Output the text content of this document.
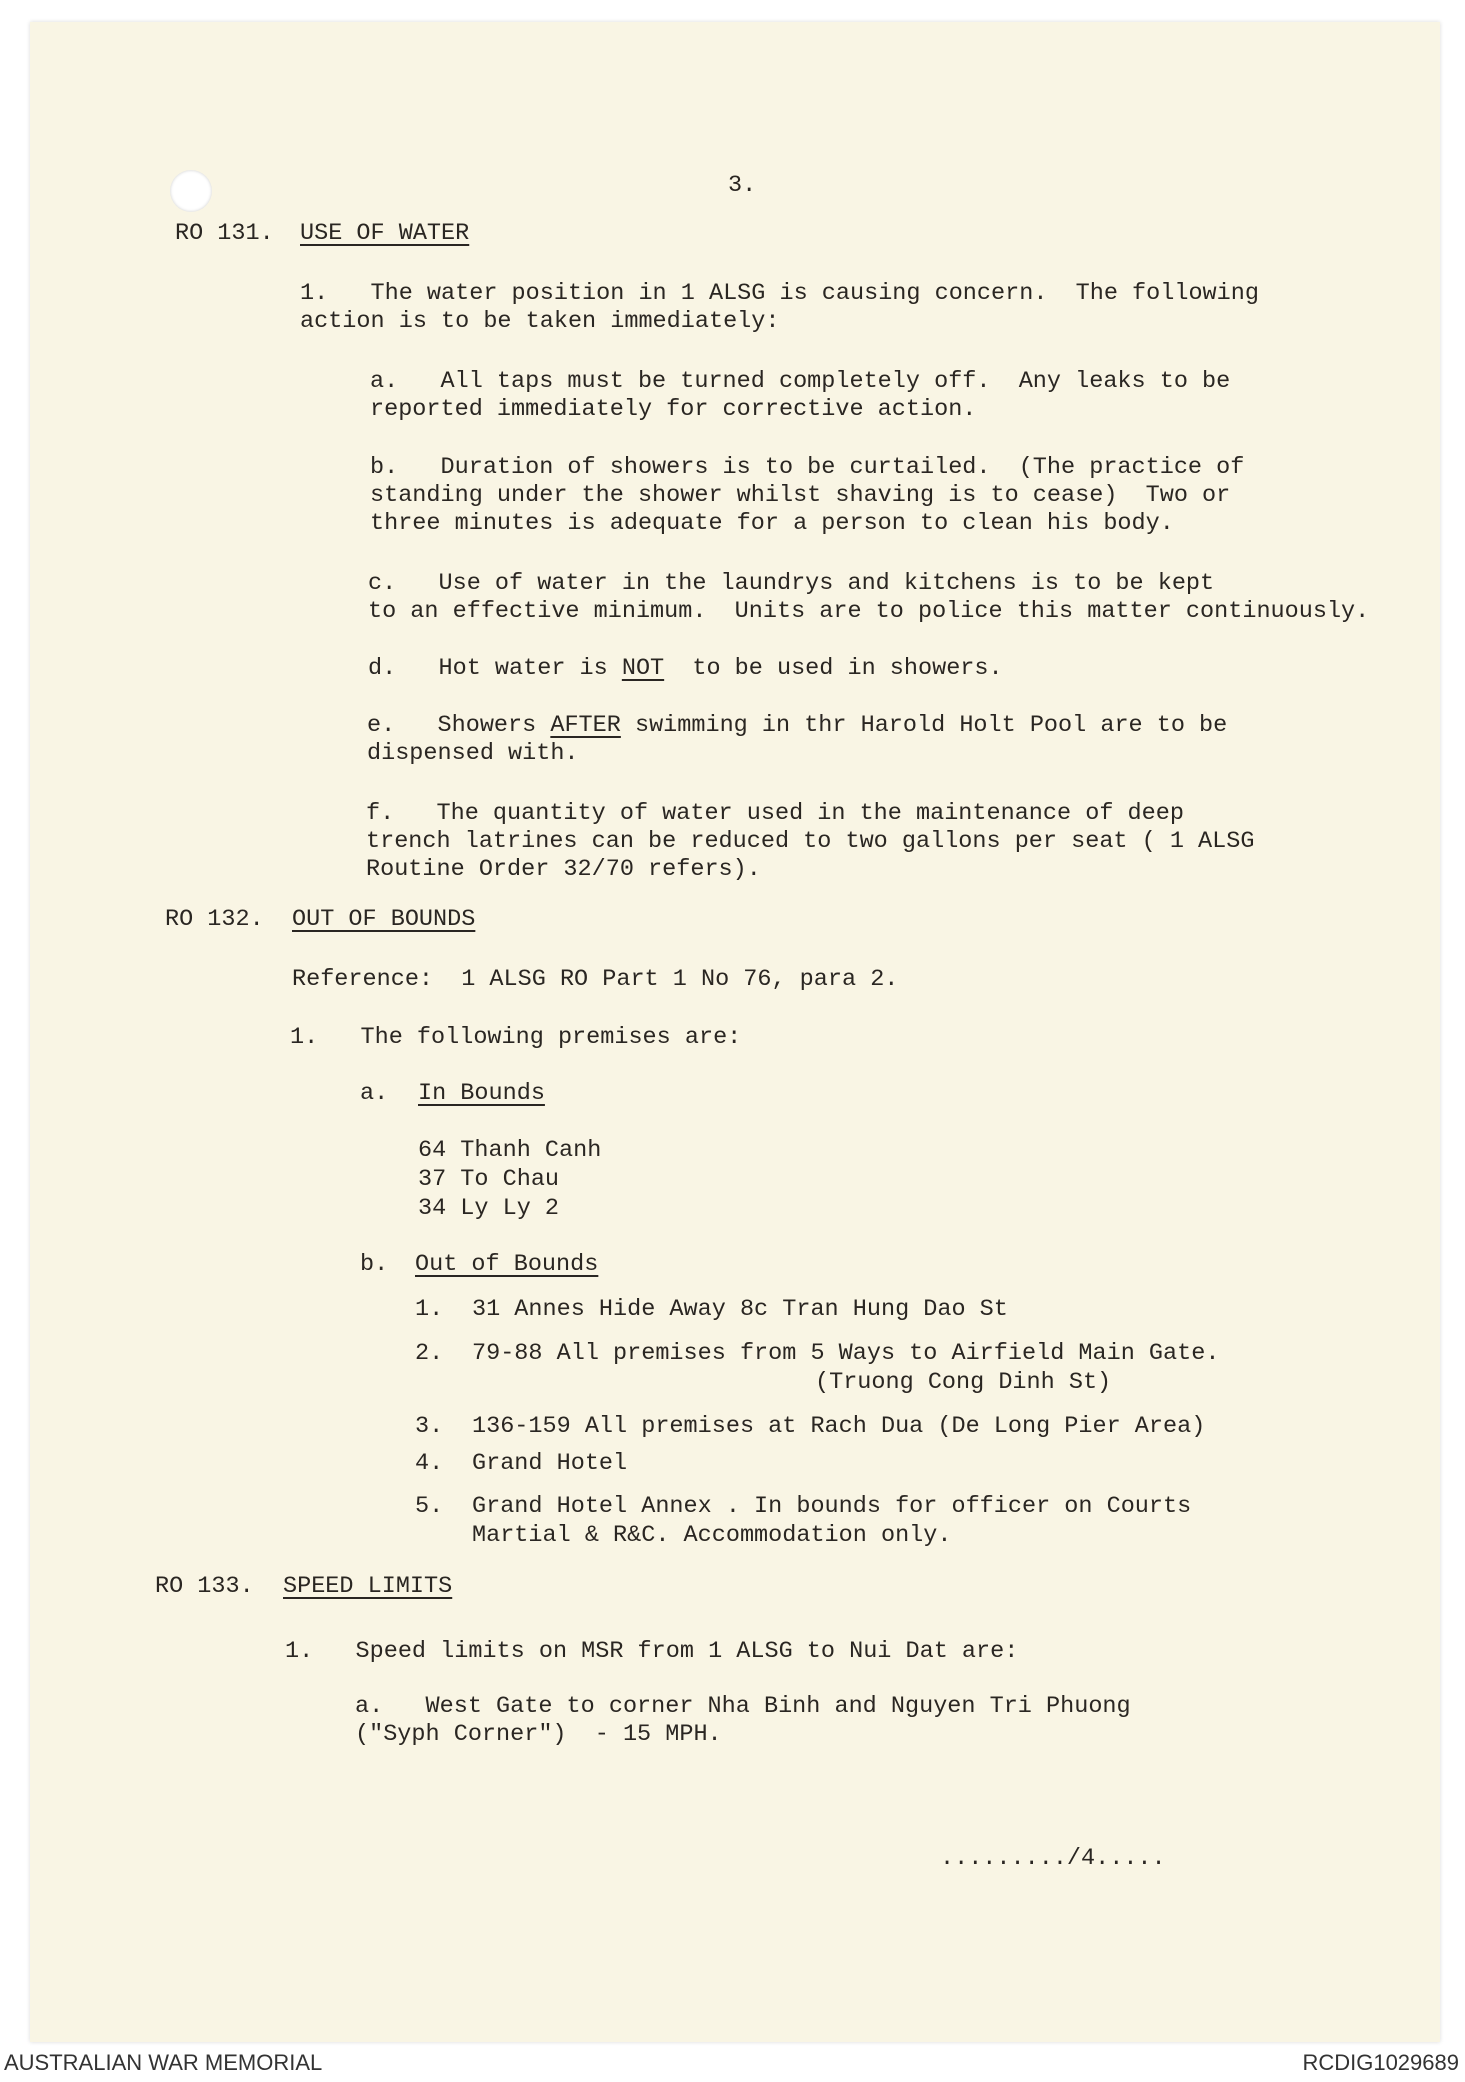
3.
RO 131. USE OF WATER
1.   The water position in 1 ALSG is causing concern.  The following
action is to be taken immediately:
a.   All taps must be turned completely off.  Any leaks to be
reported immediately for corrective action.
b.   Duration of showers is to be curtailed.  (The practice of
standing under the shower whilst shaving is to cease)  Two or
three minutes is adequate for a person to clean his body.
c.   Use of water in the laundrys and kitchens is to be kept
to an effective minimum.  Units are to police this matter continuously.
d.   Hot water is NOT  to be used in showers.
e.   Showers AFTER swimming in thr Harold Holt Pool are to be
dispensed with.
f.   The quantity of water used in the maintenance of deep
trench latrines can be reduced to two gallons per seat ( 1 ALSG
Routine Order 32/70 refers).
RO 132. OUT OF BOUNDS
Reference:  1 ALSG RO Part 1 No 76, para 2.
1.   The following premises are:
a. In Bounds
64 Thanh Canh
37 To Chau
34 Ly Ly 2
b. Out of Bounds
1. 31 Annes Hide Away 8c Tran Hung Dao St
2. 79-88 All premises from 5 Ways to Airfield Main Gate.
(Truong Cong Dinh St)
3. 136-159 All premises at Rach Dua (De Long Pier Area)
4. Grand Hotel
5. Grand Hotel Annex . In bounds for officer on Courts
Martial & R&C. Accommodation only.
RO 133. SPEED LIMITS
1.   Speed limits on MSR from 1 ALSG to Nui Dat are:
a.   West Gate to corner Nha Binh and Nguyen Tri Phuong
("Syph Corner")  - 15 MPH.
........./4.....
AUSTRALIAN WAR MEMORIAL	RCDIG1029689
